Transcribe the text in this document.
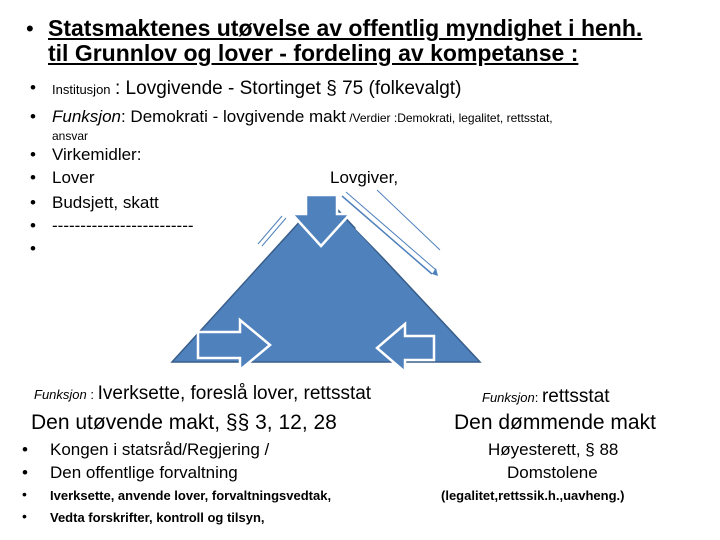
• Statsmaktenes utøvelse av offentlig myndighet i henh.
til Grunnlov og lover - fordeling av kompetanse :
• Institusjon : Lovgivende - Stortinget § 75 (folkevalgt)
• Funksjon: Demokrati - lovgivende makt /Verdier :Demokrati, legalitet, rettsstat,
ansvar
• Virkemidler:
• Lover
• Budsjett, skatt
• -------------------------
•
Lovgiver,
Funksjon : Iverksette, foreslå lover, rettsstat
Den utøvende makt, §§ 3, 12, 28
• Kongen i statsråd/Regjering /
• Den offentlige forvaltning
• Iverksette, anvende lover, forvaltningsvedtak,
• Vedta forskrifter, kontroll og tilsyn,
Funksjon: rettsstat
Den dømmende makt
Høyesterett, § 88
Domstolene
(legalitet,rettssik.h.,uavheng.)
